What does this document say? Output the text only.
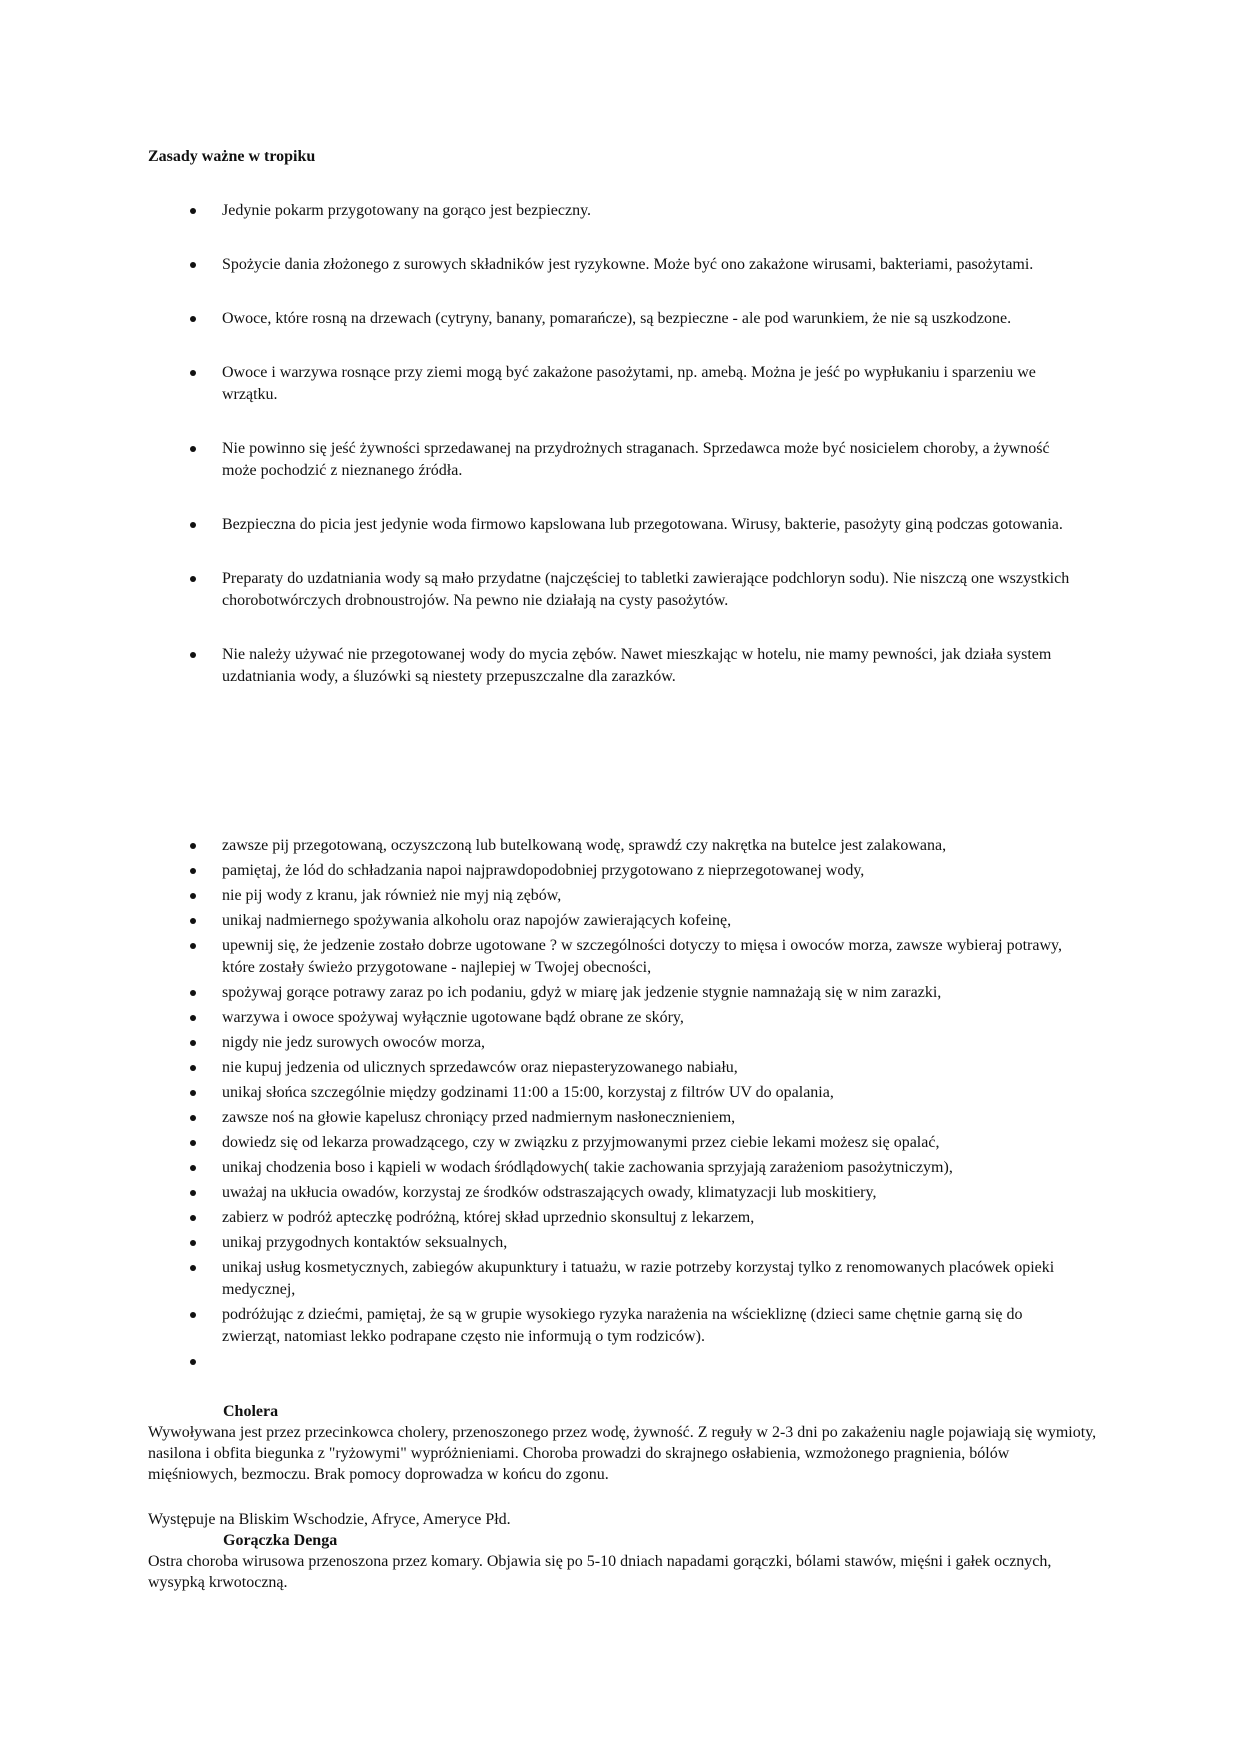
Zasady ważne w tropiku
Jedynie pokarm przygotowany na gorąco jest bezpieczny.
Spożycie dania złożonego z surowych składników jest ryzykowne. Może być ono zakażone wirusami, bakteriami, pasożytami.
Owoce, które rosną na drzewach (cytryny, banany, pomarańcze), są bezpieczne - ale pod warunkiem, że nie są uszkodzone.
Owoce i warzywa rosnące przy ziemi mogą być zakażone pasożytami, np. amebą. Można je jeść po wypłukaniu i sparzeniu we wrzątku.
Nie powinno się jeść żywności sprzedawanej na przydrożnych straganach. Sprzedawca może być nosicielem choroby, a żywność może pochodzić z nieznanego źródła.
Bezpieczna do picia jest jedynie woda firmowo kapslowana lub przegotowana. Wirusy, bakterie, pasożyty giną podczas gotowania.
Preparaty do uzdatniania wody są mało przydatne (najczęściej to tabletki zawierające podchloryn sodu). Nie niszczą one wszystkich chorobotwórczych drobnoustrojów. Na pewno nie działają na cysty pasożytów.
Nie należy używać nie przegotowanej wody do mycia zębów. Nawet mieszkając w hotelu, nie mamy pewności, jak działa system uzdatniania wody, a śluzówki są niestety przepuszczalne dla zarazków.
zawsze pij przegotowaną, oczyszczoną lub butelkowaną wodę, sprawdź czy nakrętka na butelce jest zalakowana,
pamiętaj, że lód do schładzania napoi najprawdopodobniej przygotowano z nieprzegotowanej wody,
nie pij wody z kranu, jak również nie myj nią zębów,
unikaj nadmiernego spożywania alkoholu oraz napojów zawierających kofeinę,
upewnij się, że jedzenie zostało dobrze ugotowane ? w szczególności dotyczy to mięsa i owoców morza, zawsze wybieraj potrawy, które zostały świeżo przygotowane - najlepiej w Twojej obecności,
spożywaj gorące potrawy zaraz po ich podaniu, gdyż w miarę jak jedzenie stygnie namnażają się w nim zarazki,
warzywa i owoce spożywaj wyłącznie ugotowane bądź obrane ze skóry,
nigdy nie jedz surowych owoców morza,
nie kupuj jedzenia od ulicznych sprzedawców oraz niepasteryzowanego nabiału,
unikaj słońca szczególnie między godzinami 11:00 a 15:00, korzystaj z filtrów UV do opalania,
zawsze noś na głowie kapelusz chroniący przed nadmiernym nasłonecznieniem,
dowiedz się od lekarza prowadzącego, czy w związku z przyjmowanymi przez ciebie lekami możesz się opalać,
unikaj chodzenia boso i kąpieli w wodach śródlądowych( takie zachowania sprzyjają zarażeniom pasożytniczym),
uważaj na ukłucia owadów, korzystaj ze środków odstraszających owady, klimatyzacji lub moskitiery,
zabierz w podróż apteczkę podróżną, której skład uprzednio skonsultuj z lekarzem,
unikaj przygodnych kontaktów seksualnych,
unikaj usług kosmetycznych, zabiegów akupunktury i tatuażu, w razie potrzeby korzystaj tylko z renomowanych placówek opieki medycznej,
podróżując z dziećmi, pamiętaj, że są w grupie wysokiego ryzyka narażenia na wściekliznę (dzieci same chętnie garną się do zwierząt, natomiast lekko podrapane często nie informują o tym rodziców).
Cholera

Wywoływana jest przez przecinkowca cholery, przenoszonego przez wodę, żywność. Z reguły w 2-3 dni po zakażeniu nagle pojawiają się wymioty, nasilona i obfita biegunka z "ryżowymi" wypróżnieniami. Choroba prowadzi do skrajnego osłabienia, wzmożonego pragnienia, bólów mięśniowych, bezmoczu. Brak pomocy doprowadza w końcu do zgonu.

Występuje na Bliskim Wschodzie, Afryce, Ameryce Płd.

Gorączka Denga

Ostra choroba wirusowa przenoszona przez komary. Objawia się po 5-10 dniach napadami gorączki, bólami stawów, mięśni i gałek ocznych, wysypką krwotoczną.
